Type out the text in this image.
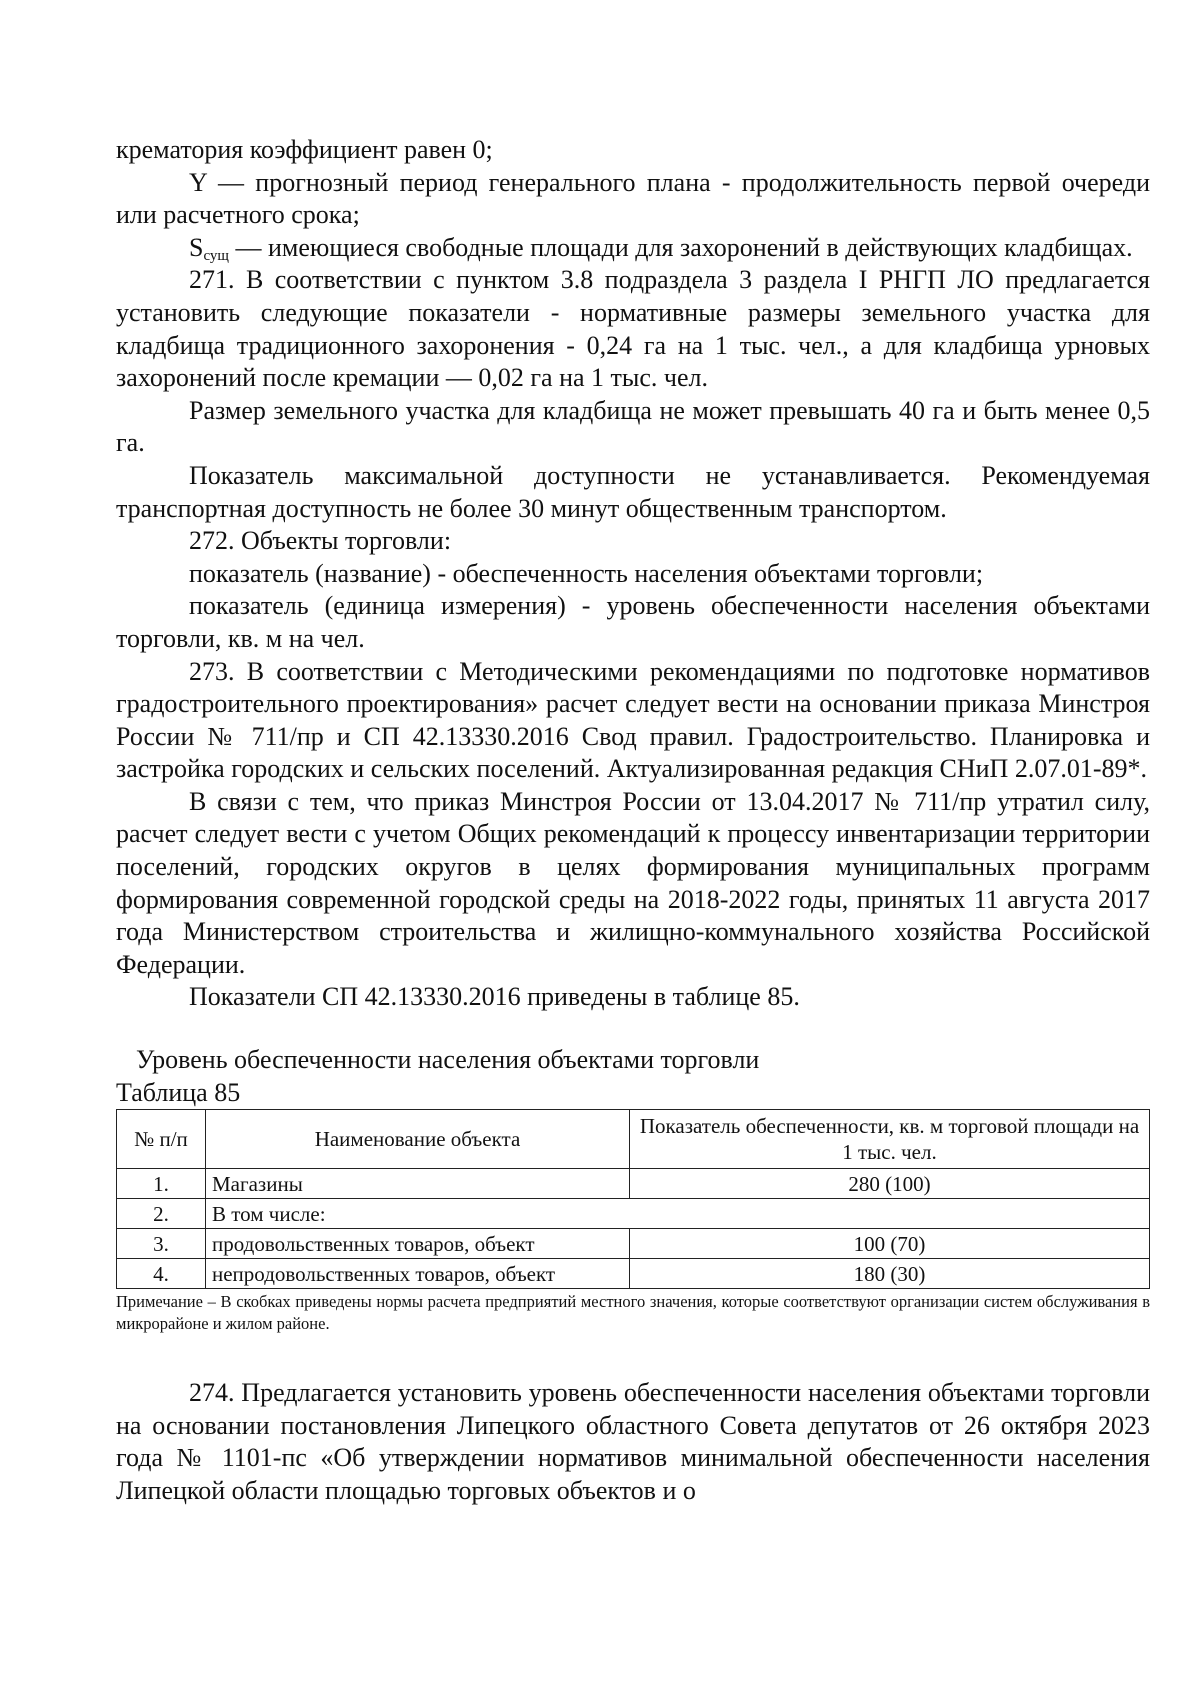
крематория коэффициент равен 0;

Y — прогнозный период генерального плана - продолжительность первой очереди или расчетного срока;

$S_{сущ}$ — имеющиеся свободные площади для захоронений в действующих кладбищах.

271. В соответствии с пунктом 3.8 подраздела 3 раздела I РНГП ЛО предлагается установить следующие показатели - нормативные размеры земельного участка для кладбища традиционного захоронения - 0,24 га на 1 тыс. чел., а для кладбища урновых захоронений после кремации — 0,02 га на 1 тыс. чел.

Размер земельного участка для кладбища не может превышать 40 га и быть менее 0,5 га.

Показатель максимальной доступности не устанавливается. Рекомендуемая транспортная доступность не более 30 минут общественным транспортом.

272. Объекты торговли:

показатель (название) - обеспеченность населения объектами торговли;

показатель (единица измерения) - уровень обеспеченности населения объектами торговли, кв. м на чел.

273. В соответствии с Методическими рекомендациями по подготовке нормативов градостроительного проектирования» расчет следует вести на основании приказа Минстроя России № 711/пр и СП 42.13330.2016 Свод правил. Градостроительство. Планировка и застройка городских и сельских поселений. Актуализированная редакция СНиП 2.07.01-89*.

В связи с тем, что приказ Минстроя России от 13.04.2017 № 711/пр утратил силу, расчет следует вести с учетом Общих рекомендаций к процессу инвентаризации территории поселений, городских округов в целях формирования муниципальных программ формирования современной городской среды на 2018-2022 годы, принятых 11 августа 2017 года Министерством строительства и жилищно-коммунального хозяйства Российской Федерации.

Показатели СП 42.13330.2016 приведены в таблице 85.

Уровень обеспеченности населения объектами торговли

Таблица 85

№ п/п	Наименование объекта	Показатель обеспеченности, кв. м торговой площади на 1 тыс. чел.
1.	Магазины	280 (100)
2.	В том числе:	
3.	продовольственных товаров, объект	100 (70)
4.	непродовольственных товаров, объект	180 (30)

Примечание – В скобках приведены нормы расчета предприятий местного значения, которые соответствуют организации систем обслуживания в микрорайоне и жилом районе.

274. Предлагается установить уровень обеспеченности населения объектами торговли на основании постановления Липецкого областного Совета депутатов от 26 октября 2023 года № 1101-пс «Об утверждении нормативов минимальной обеспеченности населения Липецкой области площадью торговых объектов и о
